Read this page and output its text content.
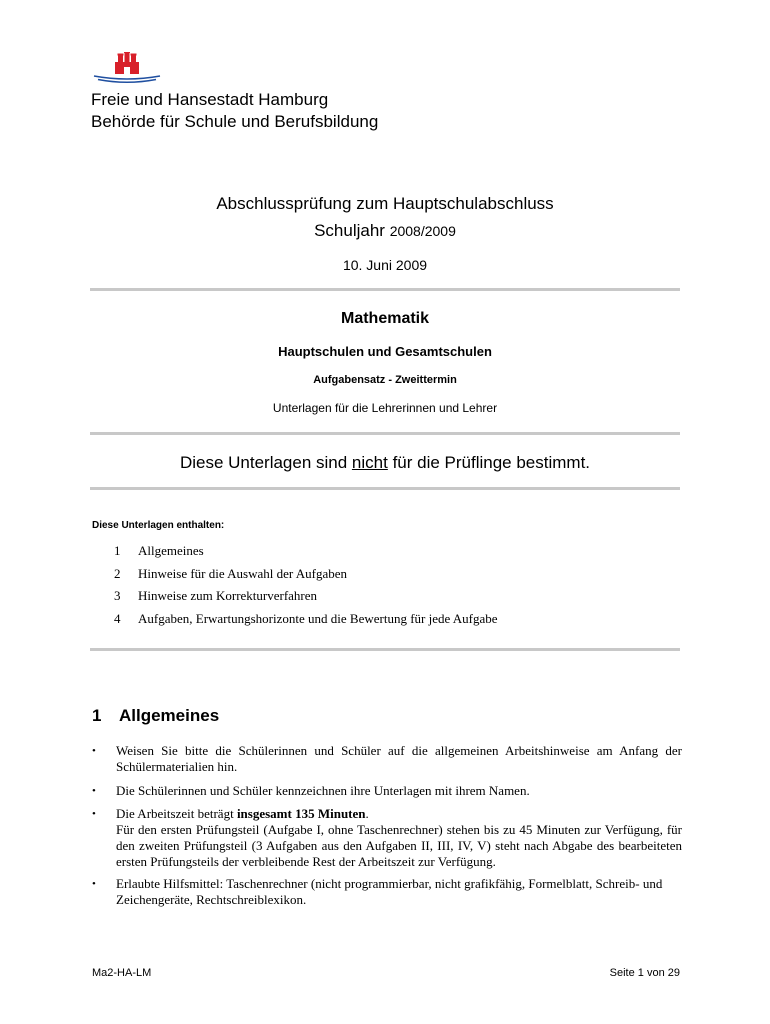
Freie und Hansestadt Hamburg
Behörde für Schule und Berufsbildung
Abschlussprüfung zum Hauptschulabschluss
Schuljahr 2008/2009
10. Juni 2009
Mathematik
Hauptschulen und Gesamtschulen
Aufgabensatz - Zweittermin
Unterlagen für die Lehrerinnen und Lehrer
Diese Unterlagen sind nicht für die Prüflinge bestimmt.
Diese Unterlagen enthalten:
1 Allgemeines
2 Hinweise für die Auswahl der Aufgaben
3 Hinweise zum Korrekturverfahren
4 Aufgaben, Erwartungshorizonte und die Bewertung für jede Aufgabe
1 Allgemeines
• Weisen Sie bitte die Schülerinnen und Schüler auf die allgemeinen Arbeitshinweise am Anfang der Schülermaterialien hin.
• Die Schülerinnen und Schüler kennzeichnen ihre Unterlagen mit ihrem Namen.
• Die Arbeitszeit beträgt insgesamt 135 Minuten.
Für den ersten Prüfungsteil (Aufgabe I, ohne Taschenrechner) stehen bis zu 45 Minuten zur Verfügung, für den zweiten Prüfungsteil (3 Aufgaben aus den Aufgaben II, III, IV, V) steht nach Abgabe des bearbeiteten ersten Prüfungsteils der verbleibende Rest der Arbeitszeit zur Verfügung.
• Erlaubte Hilfsmittel: Taschenrechner (nicht programmierbar, nicht grafikfähig, Formelblatt, Schreib- und Zeichengeräte, Rechtschreiblexikon.
Ma2-HA-LM	Seite 1 von 29
